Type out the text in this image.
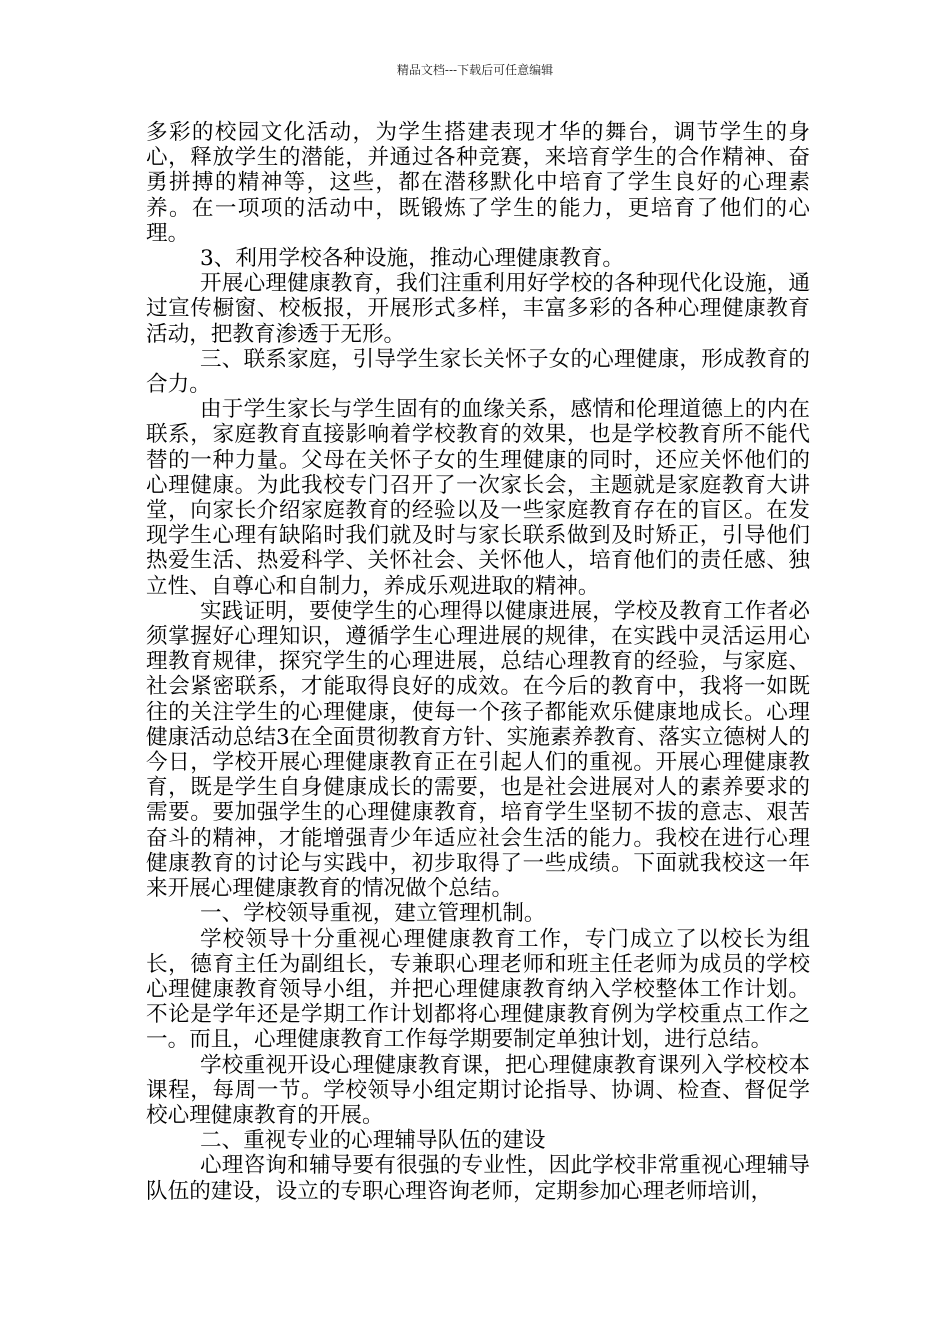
精品文档---下载后可任意编辑

多彩的校园文化活动，为学生搭建表现才华的舞台，调节学生的身心，释放学生的潜能，并通过各种竞赛，来培育学生的合作精神、奋勇拼搏的精神等，这些，都在潜移默化中培育了学生良好的心理素养。在一项项的活动中，既锻炼了学生的能力，更培育了他们的心理。

3、利用学校各种设施，推动心理健康教育。

开展心理健康教育，我们注重利用好学校的各种现代化设施，通过宣传橱窗、校板报，开展形式多样，丰富多彩的各种心理健康教育活动，把教育渗透于无形。

三、联系家庭，引导学生家长关怀子女的心理健康，形成教育的合力。

由于学生家长与学生固有的血缘关系，感情和伦理道德上的内在联系，家庭教育直接影响着学校教育的效果，也是学校教育所不能代替的一种力量。父母在关怀子女的生理健康的同时，还应关怀他们的心理健康。为此我校专门召开了一次家长会，主题就是家庭教育大讲堂，向家长介绍家庭教育的经验以及一些家庭教育存在的盲区。在发现学生心理有缺陷时我们就及时与家长联系做到及时矫正，引导他们热爱生活、热爱科学、关怀社会、关怀他人，培育他们的责任感、独立性、自尊心和自制力，养成乐观进取的精神。

实践证明，要使学生的心理得以健康进展，学校及教育工作者必须掌握好心理知识，遵循学生心理进展的规律，在实践中灵活运用心理教育规律，探究学生的心理进展，总结心理教育的经验，与家庭、社会紧密联系，才能取得良好的成效。在今后的教育中，我将一如既往的关注学生的心理健康，使每一个孩子都能欢乐健康地成长。心理健康活动总结3在全面贯彻教育方针、实施素养教育、落实立德树人的今日，学校开展心理健康教育正在引起人们的重视。开展心理健康教育，既是学生自身健康成长的需要，也是社会进展对人的素养要求的需要。要加强学生的心理健康教育，培育学生坚韧不拔的意志、艰苦奋斗的精神，才能增强青少年适应社会生活的能力。我校在进行心理健康教育的讨论与实践中，初步取得了一些成绩。下面就我校这一年来开展心理健康教育的情况做个总结。

一、学校领导重视，建立管理机制。

学校领导十分重视心理健康教育工作，专门成立了以校长为组长，德育主任为副组长，专兼职心理老师和班主任老师为成员的学校心理健康教育领导小组，并把心理健康教育纳入学校整体工作计划。不论是学年还是学期工作计划都将心理健康教育例为学校重点工作之一。而且，心理健康教育工作每学期要制定单独计划，进行总结。

学校重视开设心理健康教育课，把心理健康教育课列入学校校本课程，每周一节。学校领导小组定期讨论指导、协调、检查、督促学校心理健康教育的开展。

二、重视专业的心理辅导队伍的建设

心理咨询和辅导要有很强的专业性，因此学校非常重视心理辅导队伍的建设，设立的专职心理咨询老师，定期参加心理老师培训，
